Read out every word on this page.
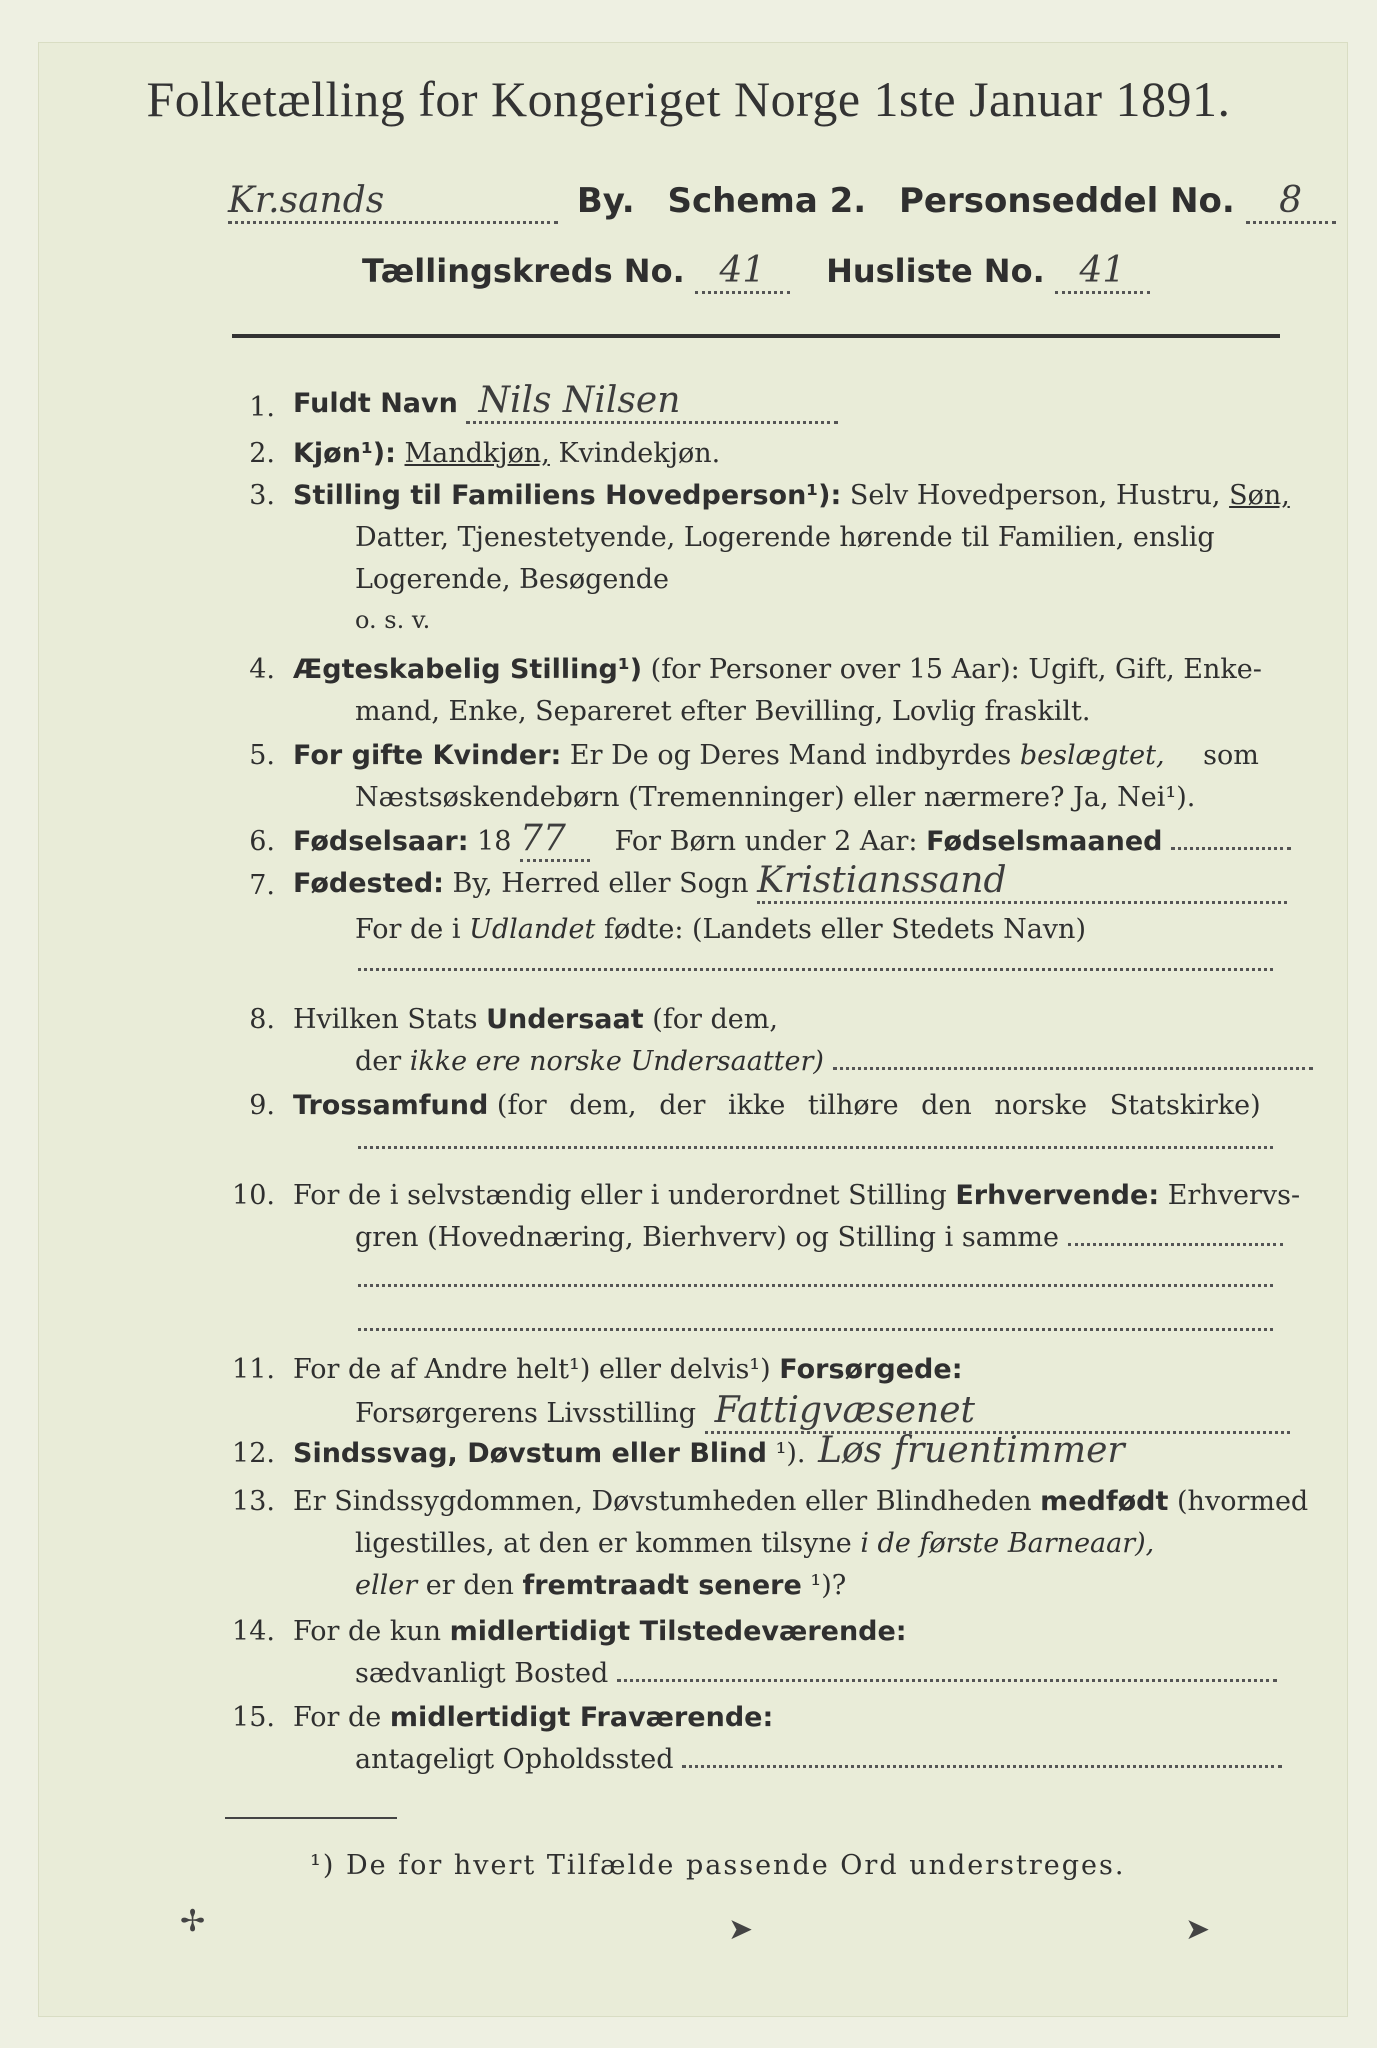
Folketælling for Kongeriget Norge 1ste Januar 1891.
Kr.sands	By. Schema 2. Personseddel No. 8
Tællingskreds No. 41 Husliste No. 41
1. Fuldt Navn Nils Nilsen
2. Kjøn¹): Mandkjøn, Kvindekjøn.
3. Stilling til Familiens Hovedperson¹): Selv Hovedperson, Hustru, Søn,
Datter, Tjenestetyende, Logerende hørende til Familien, enslig
Logerende, Besøgende
o. s. v.
4. Ægteskabelig Stilling¹) (for Personer over 15 Aar): Ugift, Gift, Enke-
mand, Enke, Separeret efter Bevilling, Lovlig fraskilt.
5. For gifte Kvinder: Er De og Deres Mand indbyrdes beslægtet, som
Næstsøskendebørn (Tremenninger) eller nærmere? Ja, Nei¹).
6. Fødselsaar: 18 77 For Børn under 2 Aar: Fødselsmaaned
7. Fødested: By, Herred eller Sogn Kristianssand
For de i Udlandet fødte: (Landets eller Stedets Navn)
8. Hvilken Stats Undersaat (for dem,
der ikke ere norske Undersaatter)
9. Trossamfund (for dem, der ikke tilhøre den norske Statskirke)
10. For de i selvstændig eller i underordnet Stilling Erhvervende: Erhvervs-
gren (Hovednæring, Bierhverv) og Stilling i samme
11. For de af Andre helt¹) eller delvis¹) Forsørgede:
Forsørgerens Livsstilling Fattigvæsenet
12. Sindssvag, Døvstum eller Blind ¹). Løs fruentimmer
13. Er Sindssygdommen, Døvstumheden eller Blindheden medfødt (hvormed
ligestilles, at den er kommen tilsyne i de første Barneaar),
eller er den fremtraadt senere ¹)?
14. For de kun midlertidigt Tilstedeværende:
sædvanligt Bosted
15. For de midlertidigt Fraværende:
antageligt Opholdssted
¹) De for hvert Tilfælde passende Ord understreges.
✢	➤	➤
